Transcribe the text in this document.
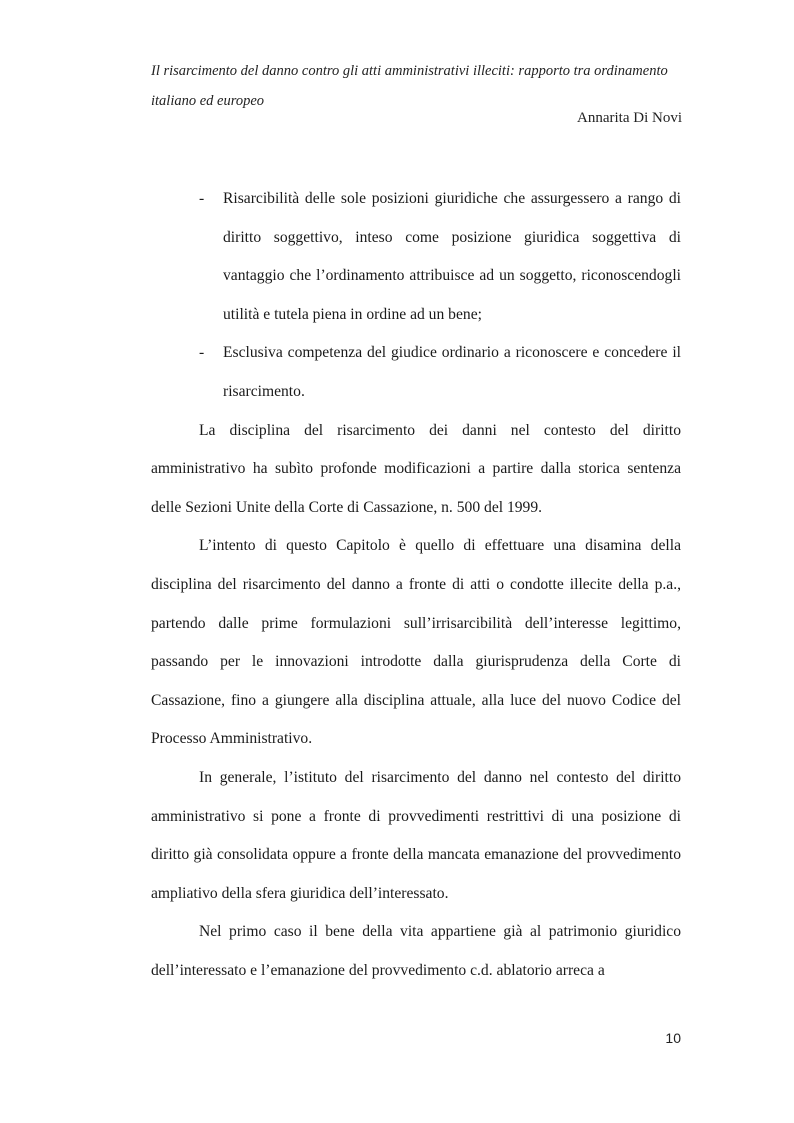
Il risarcimento del danno contro gli atti amministrativi illeciti: rapporto tra ordinamento italiano ed europeo
Annarita Di Novi

- Risarcibilità delle sole posizioni giuridiche che assurgessero a rango di diritto soggettivo, inteso come posizione giuridica soggettiva di vantaggio che l’ordinamento attribuisce ad un soggetto, riconoscendogli utilità e tutela piena in ordine ad un bene;

- Esclusiva competenza del giudice ordinario a riconoscere e concedere il risarcimento.

La disciplina del risarcimento dei danni nel contesto del diritto amministrativo ha subìto profonde modificazioni a partire dalla storica sentenza delle Sezioni Unite della Corte di Cassazione, n. 500 del 1999.

L’intento di questo Capitolo è quello di effettuare una disamina della disciplina del risarcimento del danno a fronte di atti o condotte illecite della p.a., partendo dalle prime formulazioni sull’irrisarcibilità dell’interesse legittimo, passando per le innovazioni introdotte dalla giurisprudenza della Corte di Cassazione, fino a giungere alla disciplina attuale, alla luce del nuovo Codice del Processo Amministrativo.

In generale, l’istituto del risarcimento del danno nel contesto del diritto amministrativo si pone a fronte di provvedimenti restrittivi di una posizione di diritto già consolidata oppure a fronte della mancata emanazione del provvedimento ampliativo della sfera giuridica dell’interessato.

Nel primo caso il bene della vita appartiene già al patrimonio giuridico dell’interessato e l’emanazione del provvedimento c.d. ablatorio arreca a

10
